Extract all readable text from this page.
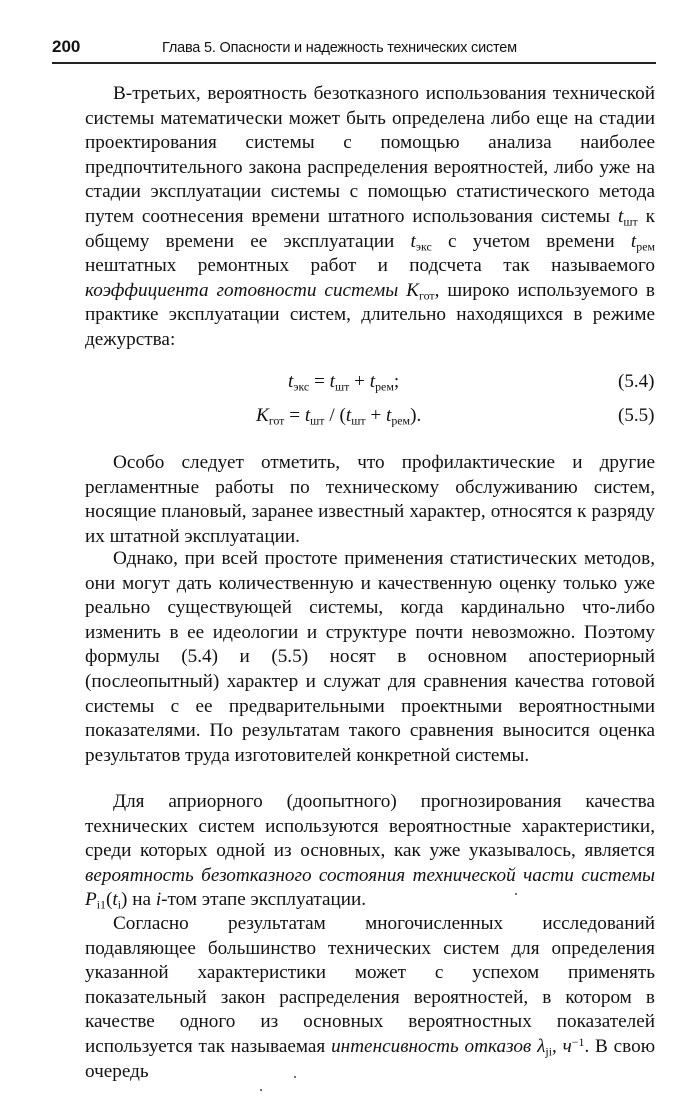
200	Глава 5. Опасности и надежность технических систем
В-третьих, вероятность безотказного использования технической системы математически может быть определена либо еще на стадии проектирования системы с помощью анализа наиболее предпочтительного закона распределения вероятностей, либо уже на стадии эксплуатации системы с помощью статистического метода путем соотнесения времени штатного использования системы $t_{шт}$ к общему времени ее эксплуатации $t_{экс}$ с учетом времени $t_{рем}$ нештатных ремонтных работ и подсчета так называемого коэффициента готовности системы $K_{гот}$, широко используемого в практике эксплуатации систем, длительно находящихся в режиме дежурства:
$t_{экс} = t_{шт} + t_{рем}$;	(5.4)
$K_{гот} = t_{шт} / (t_{шт} + t_{рем})$.	(5.5)
Особо следует отметить, что профилактические и другие регламентные работы по техническому обслуживанию систем, носящие плановый, заранее известный характер, относятся к разряду их штатной эксплуатации.
Однако, при всей простоте применения статистических методов, они могут дать количественную и качественную оценку только уже реально существующей системы, когда кардинально что-либо изменить в ее идеологии и структуре почти невозможно. Поэтому формулы (5.4) и (5.5) носят в основном апостериорный (послеопытный) характер и служат для сравнения качества готовой системы с ее предварительными проектными вероятностными показателями. По результатам такого сравнения выносится оценка результатов труда изготовителей конкретной системы.
Для априорного (доопытного) прогнозирования качества технических систем используются вероятностные характеристики, среди которых одной из основных, как уже указывалось, является вероятность безотказного состояния технической части системы $P_{i1}(t_i)$ на i-том этапе эксплуатации.
Согласно результатам многочисленных исследований подавляющее большинство технических систем для определения указанной характеристики может с успехом применять показательный закон распределения вероятностей, в котором в качестве одного из основных вероятностных показателей используется так называемая интенсивность отказов $\lambda_{ji}$, $ч^{-1}$. В свою очередь
